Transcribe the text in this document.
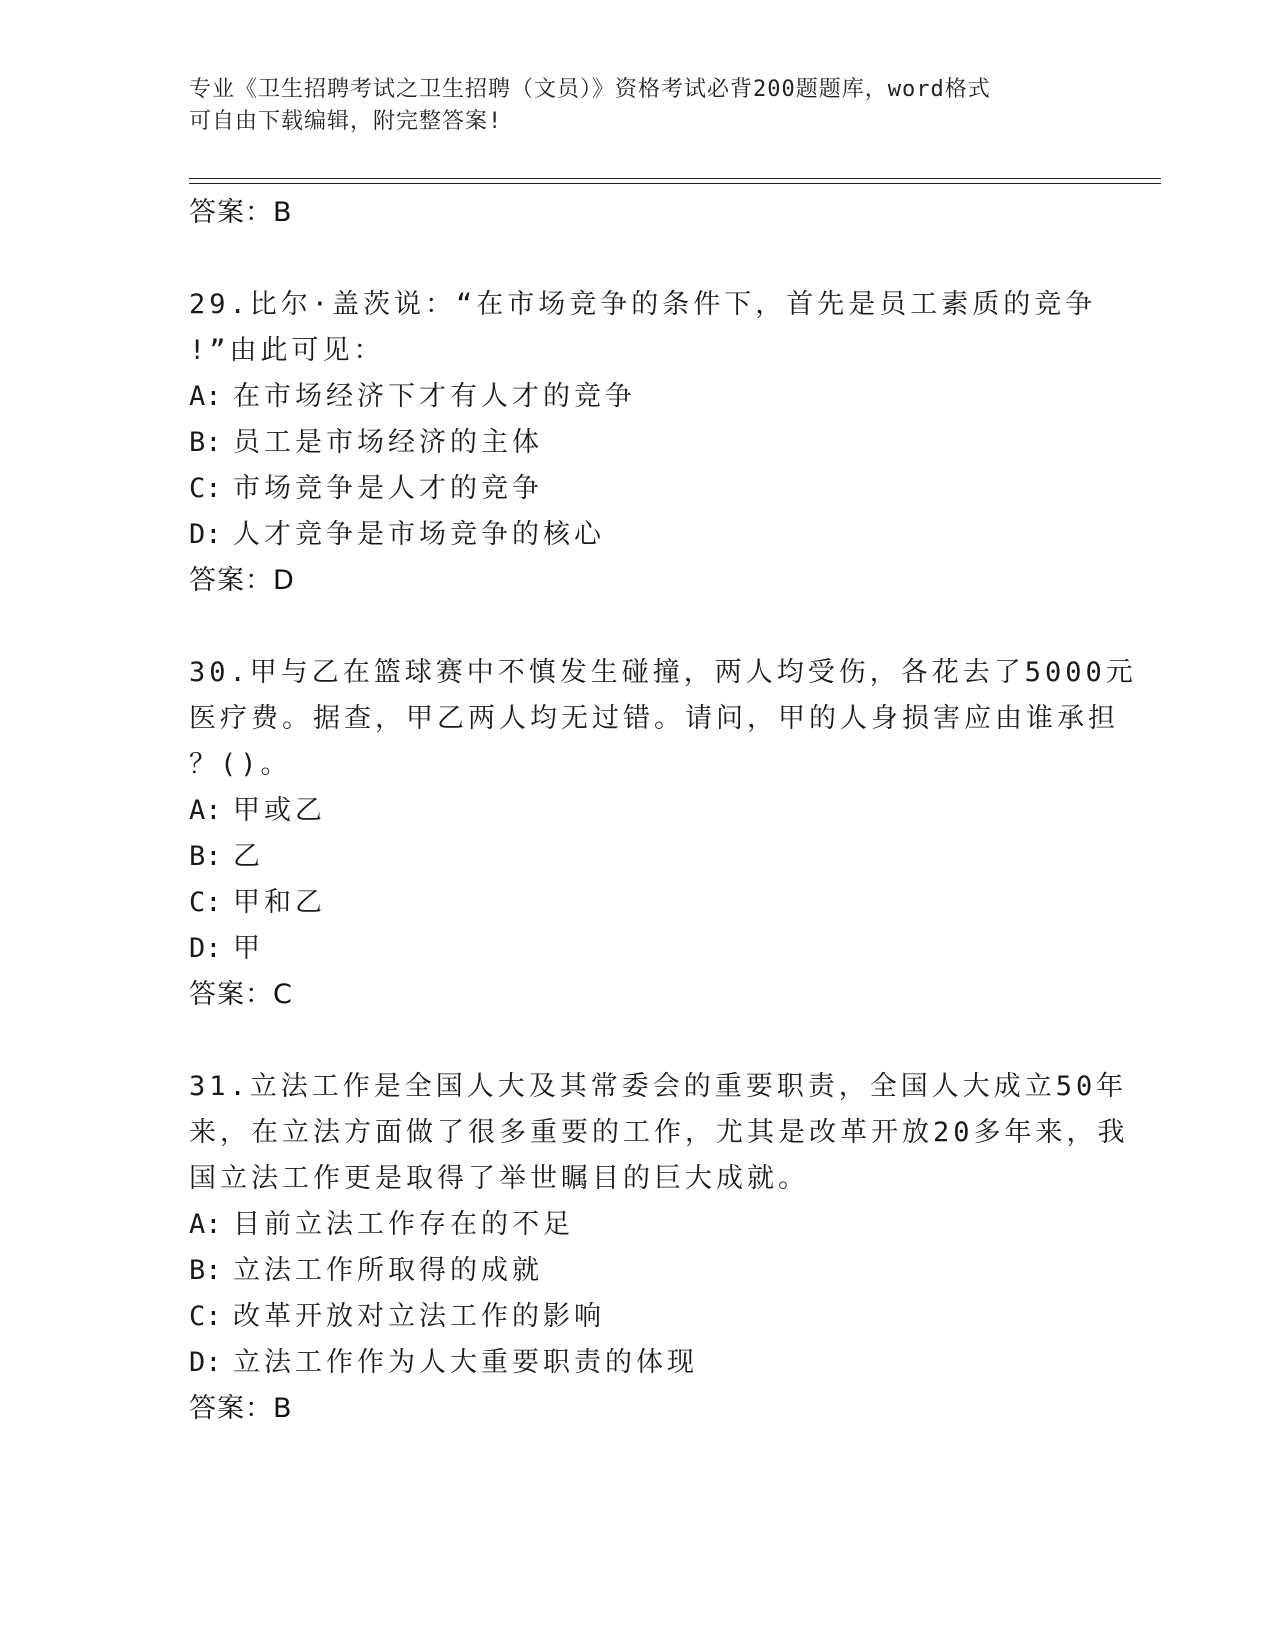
专业《卫生招聘考试之卫生招聘（文员）》资格考试必背200题题库，word格式
可自由下载编辑，附完整答案!
答案：B
29.比尔·盖茨说：“在市场竞争的条件下，首先是员工素质的竞争
!”由此可见：
A: 在市场经济下才有人才的竞争
B: 员工是市场经济的主体
C: 市场竞争是人才的竞争
D: 人才竞争是市场竞争的核心
答案：D
30.甲与乙在篮球赛中不慎发生碰撞，两人均受伤，各花去了5000元
医疗费。据查，甲乙两人均无过错。请问，甲的人身损害应由谁承担
？()。
A: 甲或乙
B: 乙
C: 甲和乙
D: 甲
答案：C
31.立法工作是全国人大及其常委会的重要职责，全国人大成立50年
来，在立法方面做了很多重要的工作，尤其是改革开放20多年来，我
国立法工作更是取得了举世瞩目的巨大成就。
A: 目前立法工作存在的不足
B: 立法工作所取得的成就
C: 改革开放对立法工作的影响
D: 立法工作作为人大重要职责的体现
答案：B
